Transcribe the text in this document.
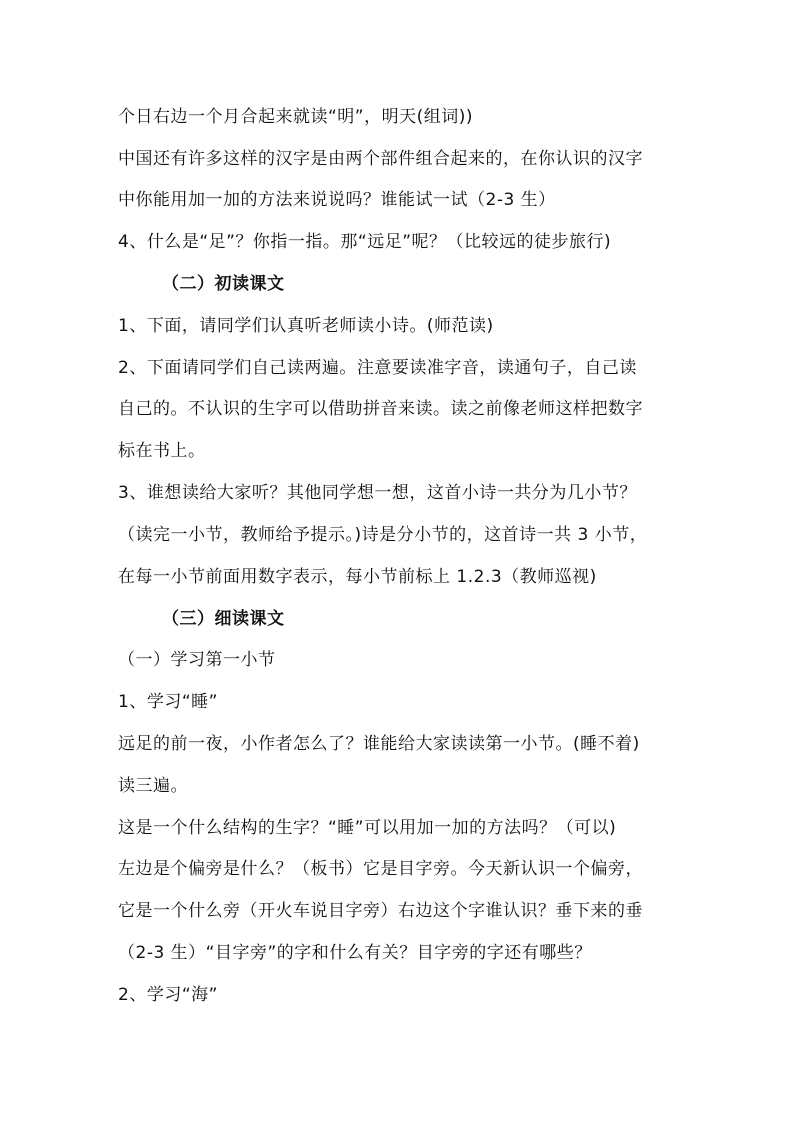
个日右边一个月合起来就读“明”，明天(组词))
中国还有许多这样的汉字是由两个部件组合起来的，在你认识的汉字
中你能用加一加的方法来说说吗？谁能试一试（2-3 生）
4、什么是“足”？你指一指。那“远足”呢？（比较远的徒步旅行)
（二）初读课文
1、下面，请同学们认真听老师读小诗。(师范读)
2、下面请同学们自己读两遍。注意要读准字音，读通句子，自己读
自己的。不认识的生字可以借助拼音来读。读之前像老师这样把数字
标在书上。
3、谁想读给大家听？其他同学想一想，这首小诗一共分为几小节？
（读完一小节，教师给予提示。)诗是分小节的，这首诗一共 3 小节，
在每一小节前面用数字表示，每小节前标上 1.2.3（教师巡视)
（三）细读课文
（一）学习第一小节
1、学习“睡”
远足的前一夜，小作者怎么了？谁能给大家读读第一小节。(睡不着)
读三遍。
这是一个什么结构的生字？“睡”可以用加一加的方法吗？（可以)
左边是个偏旁是什么？（板书）它是目字旁。今天新认识一个偏旁，
它是一个什么旁（开火车说目字旁）右边这个字谁认识？垂下来的垂
（2-3 生）“目字旁”的字和什么有关？目字旁的字还有哪些？
2、学习“海”
